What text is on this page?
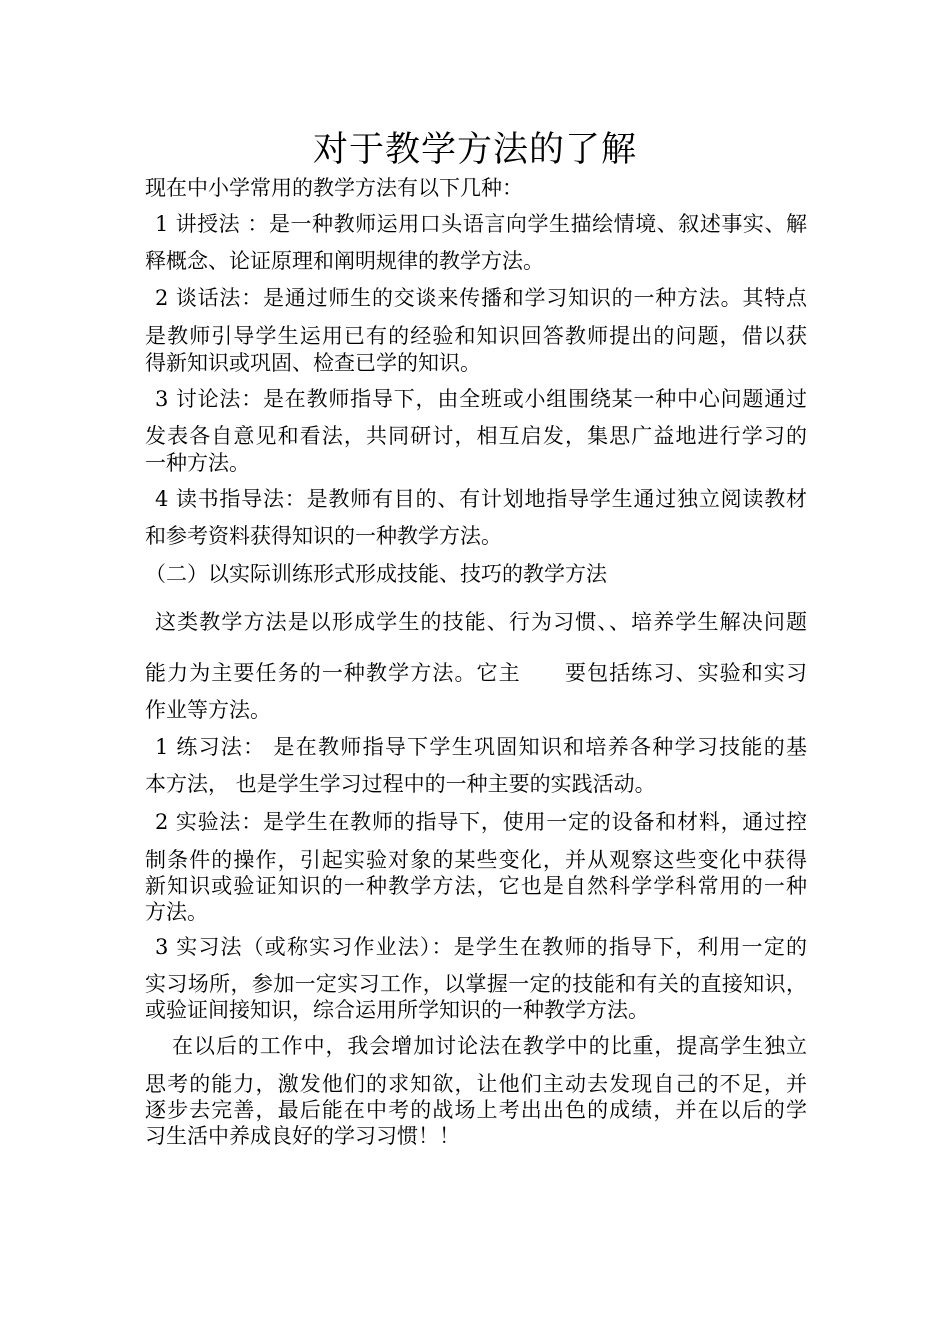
对于教学方法的了解
现在中小学常用的教学方法有以下几种：
1 讲授法 ：是一种教师运用口头语言向学生描绘情境、叙述事实、解
释概念、论证原理和阐明规律的教学方法。
2 谈话法：是通过师生的交谈来传播和学习知识的一种方法。其特点
是教师引导学生运用已有的经验和知识回答教师提出的问题，借以获
得新知识或巩固、检查已学的知识。
3 讨论法：是在教师指导下，由全班或小组围绕某一种中心问题通过
发表各自意见和看法，共同研讨，相互启发，集思广益地进行学习的
一种方法。
4 读书指导法：是教师有目的、有计划地指导学生通过独立阅读教材
和参考资料获得知识的一种教学方法。
（二）以实际训练形式形成技能、技巧的教学方法
这类教学方法是以形成学生的技能、行为习惯、、培养学生解决问题
能力为主要任务的一种教学方法。它主　　要包括练习、实验和实习
作业等方法。
1 练习法： 是在教师指导下学生巩固知识和培养各种学习技能的基
本方法， 也是学生学习过程中的一种主要的实践活动。
2 实验法：是学生在教师的指导下，使用一定的设备和材料，通过控
制条件的操作，引起实验对象的某些变化，并从观察这些变化中获得
新知识或验证知识的一种教学方法，它也是自然科学学科常用的一种
方法。
3 实习法（或称实习作业法）：是学生在教师的指导下，利用一定的
实习场所，参加一定实习工作，以掌握一定的技能和有关的直接知识，
或验证间接知识，综合运用所学知识的一种教学方法。
在以后的工作中，我会增加讨论法在教学中的比重，提高学生独立
思考的能力，激发他们的求知欲，让他们主动去发现自己的不足，并
逐步去完善，最后能在中考的战场上考出出色的成绩，并在以后的学
习生活中养成良好的学习习惯！！
